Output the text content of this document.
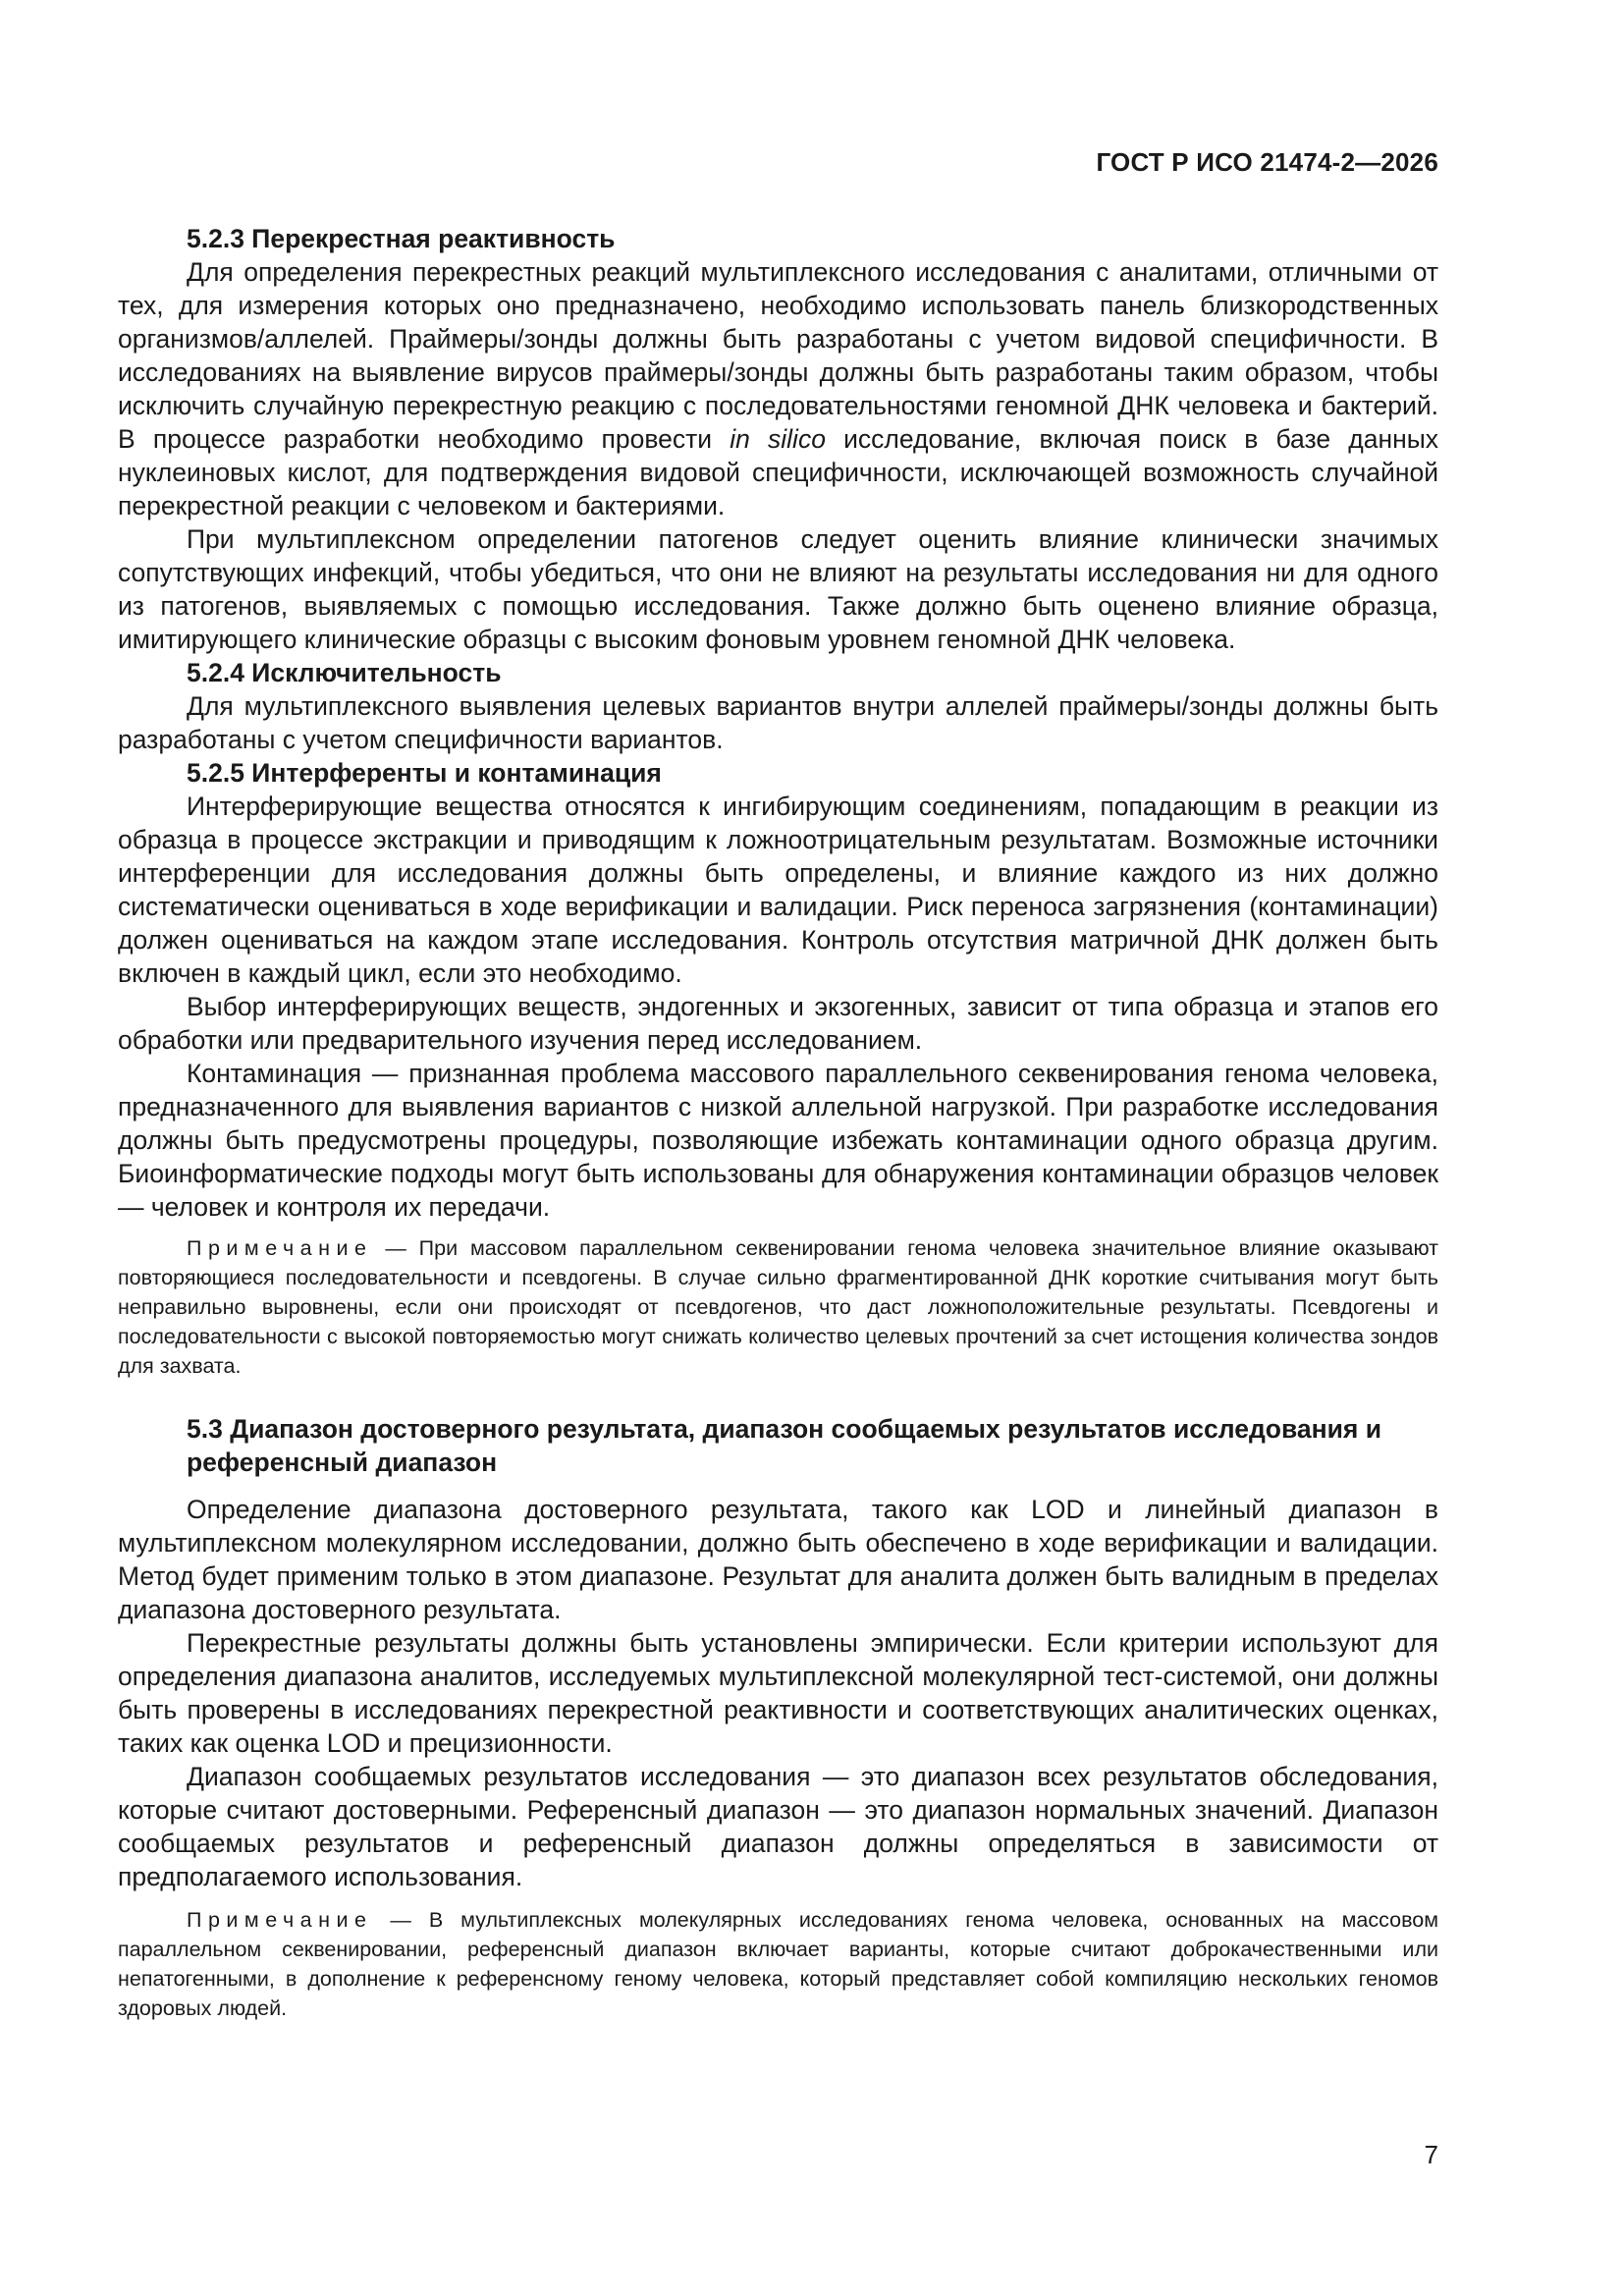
ГОСТ Р ИСО 21474-2—2026

5.2.3 Перекрестная реактивность

Для определения перекрестных реакций мультиплексного исследования с аналитами, отличными от тех, для измерения которых оно предназначено, необходимо использовать панель близкородственных организмов/аллелей. Праймеры/зонды должны быть разработаны с учетом видовой специфичности. В исследованиях на выявление вирусов праймеры/зонды должны быть разработаны таким образом, чтобы исключить случайную перекрестную реакцию с последовательностями геномной ДНК человека и бактерий. В процессе разработки необходимо провести in silico исследование, включая поиск в базе данных нуклеиновых кислот, для подтверждения видовой специфичности, исключающей возможность случайной перекрестной реакции с человеком и бактериями.

При мультиплексном определении патогенов следует оценить влияние клинически значимых сопутствующих инфекций, чтобы убедиться, что они не влияют на результаты исследования ни для одного из патогенов, выявляемых с помощью исследования. Также должно быть оценено влияние образца, имитирующего клинические образцы с высоким фоновым уровнем геномной ДНК человека.

5.2.4 Исключительность

Для мультиплексного выявления целевых вариантов внутри аллелей праймеры/зонды должны быть разработаны с учетом специфичности вариантов.

5.2.5 Интерференты и контаминация

Интерферирующие вещества относятся к ингибирующим соединениям, попадающим в реакции из образца в процессе экстракции и приводящим к ложноотрицательным результатам. Возможные источники интерференции для исследования должны быть определены, и влияние каждого из них должно систематически оцениваться в ходе верификации и валидации. Риск переноса загрязнения (контаминации) должен оцениваться на каждом этапе исследования. Контроль отсутствия матричной ДНК должен быть включен в каждый цикл, если это необходимо.

Выбор интерферирующих веществ, эндогенных и экзогенных, зависит от типа образца и этапов его обработки или предварительного изучения перед исследованием.

Контаминация — признанная проблема массового параллельного секвенирования генома человека, предназначенного для выявления вариантов с низкой аллельной нагрузкой. При разработке исследования должны быть предусмотрены процедуры, позволяющие избежать контаминации одного образца другим. Биоинформатические подходы могут быть использованы для обнаружения контаминации образцов человек — человек и контроля их передачи.

Примечание — При массовом параллельном секвенировании генома человека значительное влияние оказывают повторяющиеся последовательности и псевдогены. В случае сильно фрагментированной ДНК короткие считывания могут быть неправильно выровнены, если они происходят от псевдогенов, что даст ложноположительные результаты. Псевдогены и последовательности с высокой повторяемостью могут снижать количество целевых прочтений за счет истощения количества зондов для захвата.

5.3 Диапазон достоверного результата, диапазон сообщаемых результатов исследования и референсный диапазон

Определение диапазона достоверного результата, такого как LOD и линейный диапазон в мультиплексном молекулярном исследовании, должно быть обеспечено в ходе верификации и валидации. Метод будет применим только в этом диапазоне. Результат для аналита должен быть валидным в пределах диапазона достоверного результата.

Перекрестные результаты должны быть установлены эмпирически. Если критерии используют для определения диапазона аналитов, исследуемых мультиплексной молекулярной тест-системой, они должны быть проверены в исследованиях перекрестной реактивности и соответствующих аналитических оценках, таких как оценка LOD и прецизионности.

Диапазон сообщаемых результатов исследования — это диапазон всех результатов обследования, которые считают достоверными. Референсный диапазон — это диапазон нормальных значений. Диапазон сообщаемых результатов и референсный диапазон должны определяться в зависимости от предполагаемого использования.

Примечание — В мультиплексных молекулярных исследованиях генома человека, основанных на массовом параллельном секвенировании, референсный диапазон включает варианты, которые считают доброкачественными или непатогенными, в дополнение к референсному геному человека, который представляет собой компиляцию нескольких геномов здоровых людей.

7
